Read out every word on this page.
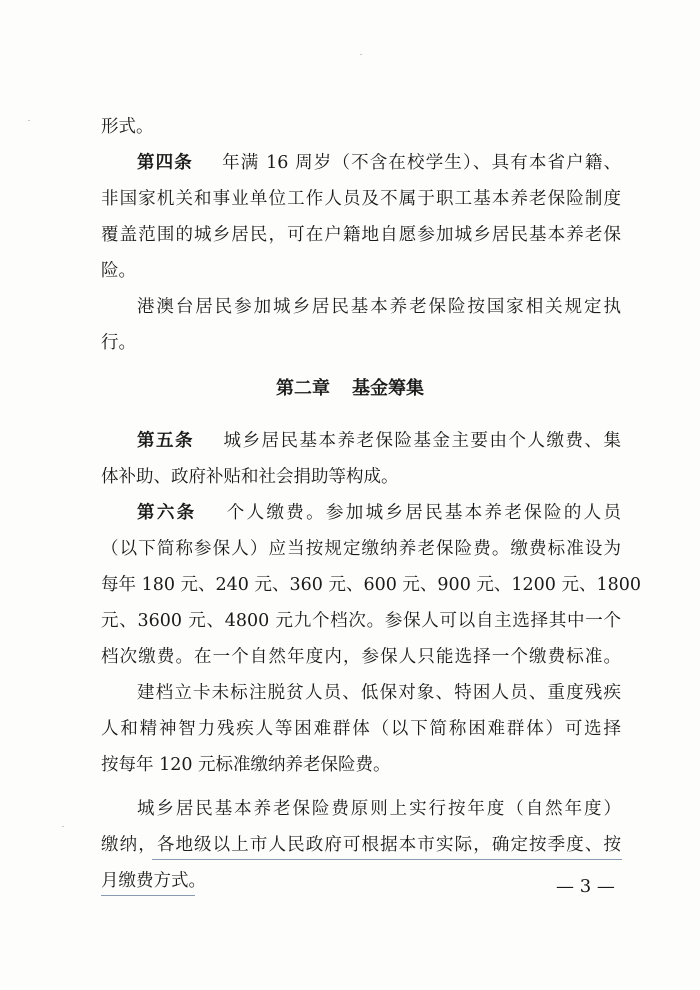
形式。
第四条 年满 16 周岁（不含在校学生）、具有本省户籍、
非国家机关和事业单位工作人员及不属于职工基本养老保险制度
覆盖范围的城乡居民，可在户籍地自愿参加城乡居民基本养老保
险。
港澳台居民参加城乡居民基本养老保险按国家相关规定执
行。
第二章 基金筹集
第五条 城乡居民基本养老保险基金主要由个人缴费、集
体补助、政府补贴和社会捐助等构成。
第六条 个人缴费。参加城乡居民基本养老保险的人员
（以下简称参保人）应当按规定缴纳养老保险费。缴费标准设为
每年 180 元、240 元、360 元、600 元、900 元、1200 元、1800
元、3600 元、4800 元九个档次。参保人可以自主选择其中一个
档次缴费。在一个自然年度内，参保人只能选择一个缴费标准。
建档立卡未标注脱贫人员、低保对象、特困人员、重度残疾
人和精神智力残疾人等困难群体（以下简称困难群体）可选择
按每年 120 元标准缴纳养老保险费。
城乡居民基本养老保险费原则上实行按年度（自然年度）
缴纳，各地级以上市人民政府可根据本市实际，确定按季度、按
月缴费方式。	— 3 —
